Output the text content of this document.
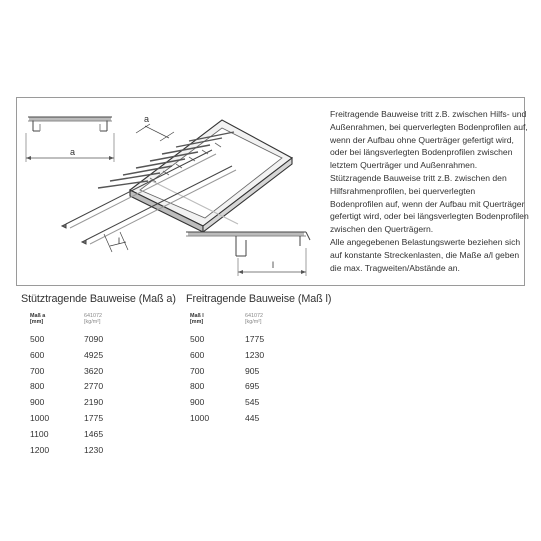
a
a
l
l

Freitragende Bauweise tritt z.B. zwischen Hilfs- und Außenrahmen, bei querverlegten Bodenprofilen auf, wenn der Aufbau ohne Querträger gefertigt wird, oder bei längsverlegten Bodenprofilen zwischen letztem Querträger und Außenrahmen.

Stützragende Bauweise tritt z.B. zwischen den Hilfsrahmenprofilen, bei querverlegten Bodenprofilen auf, wenn der Aufbau mit Querträger gefertigt wird, oder bei längsverlegten Bodenprofilen zwischen den Querträgern.

Alle angegebenen Belastungswerte beziehen sich auf konstante Streckenlasten, die Maße a/l geben die max. Tragweiten/Abstände an.

Stütztragende Bauweise (Maß a)
Maß a
[mm]
641072
[kg/m²]
500	7090
600	4925
700	3620
800	2770
900	2190
1000	1775
1100	1465
1200	1230
Freitragende Bauweise (Maß l)
Maß l
[mm]
641072
[kg/m²]
500	1775
600	1230
700	905
800	695
900	545
1000	445
